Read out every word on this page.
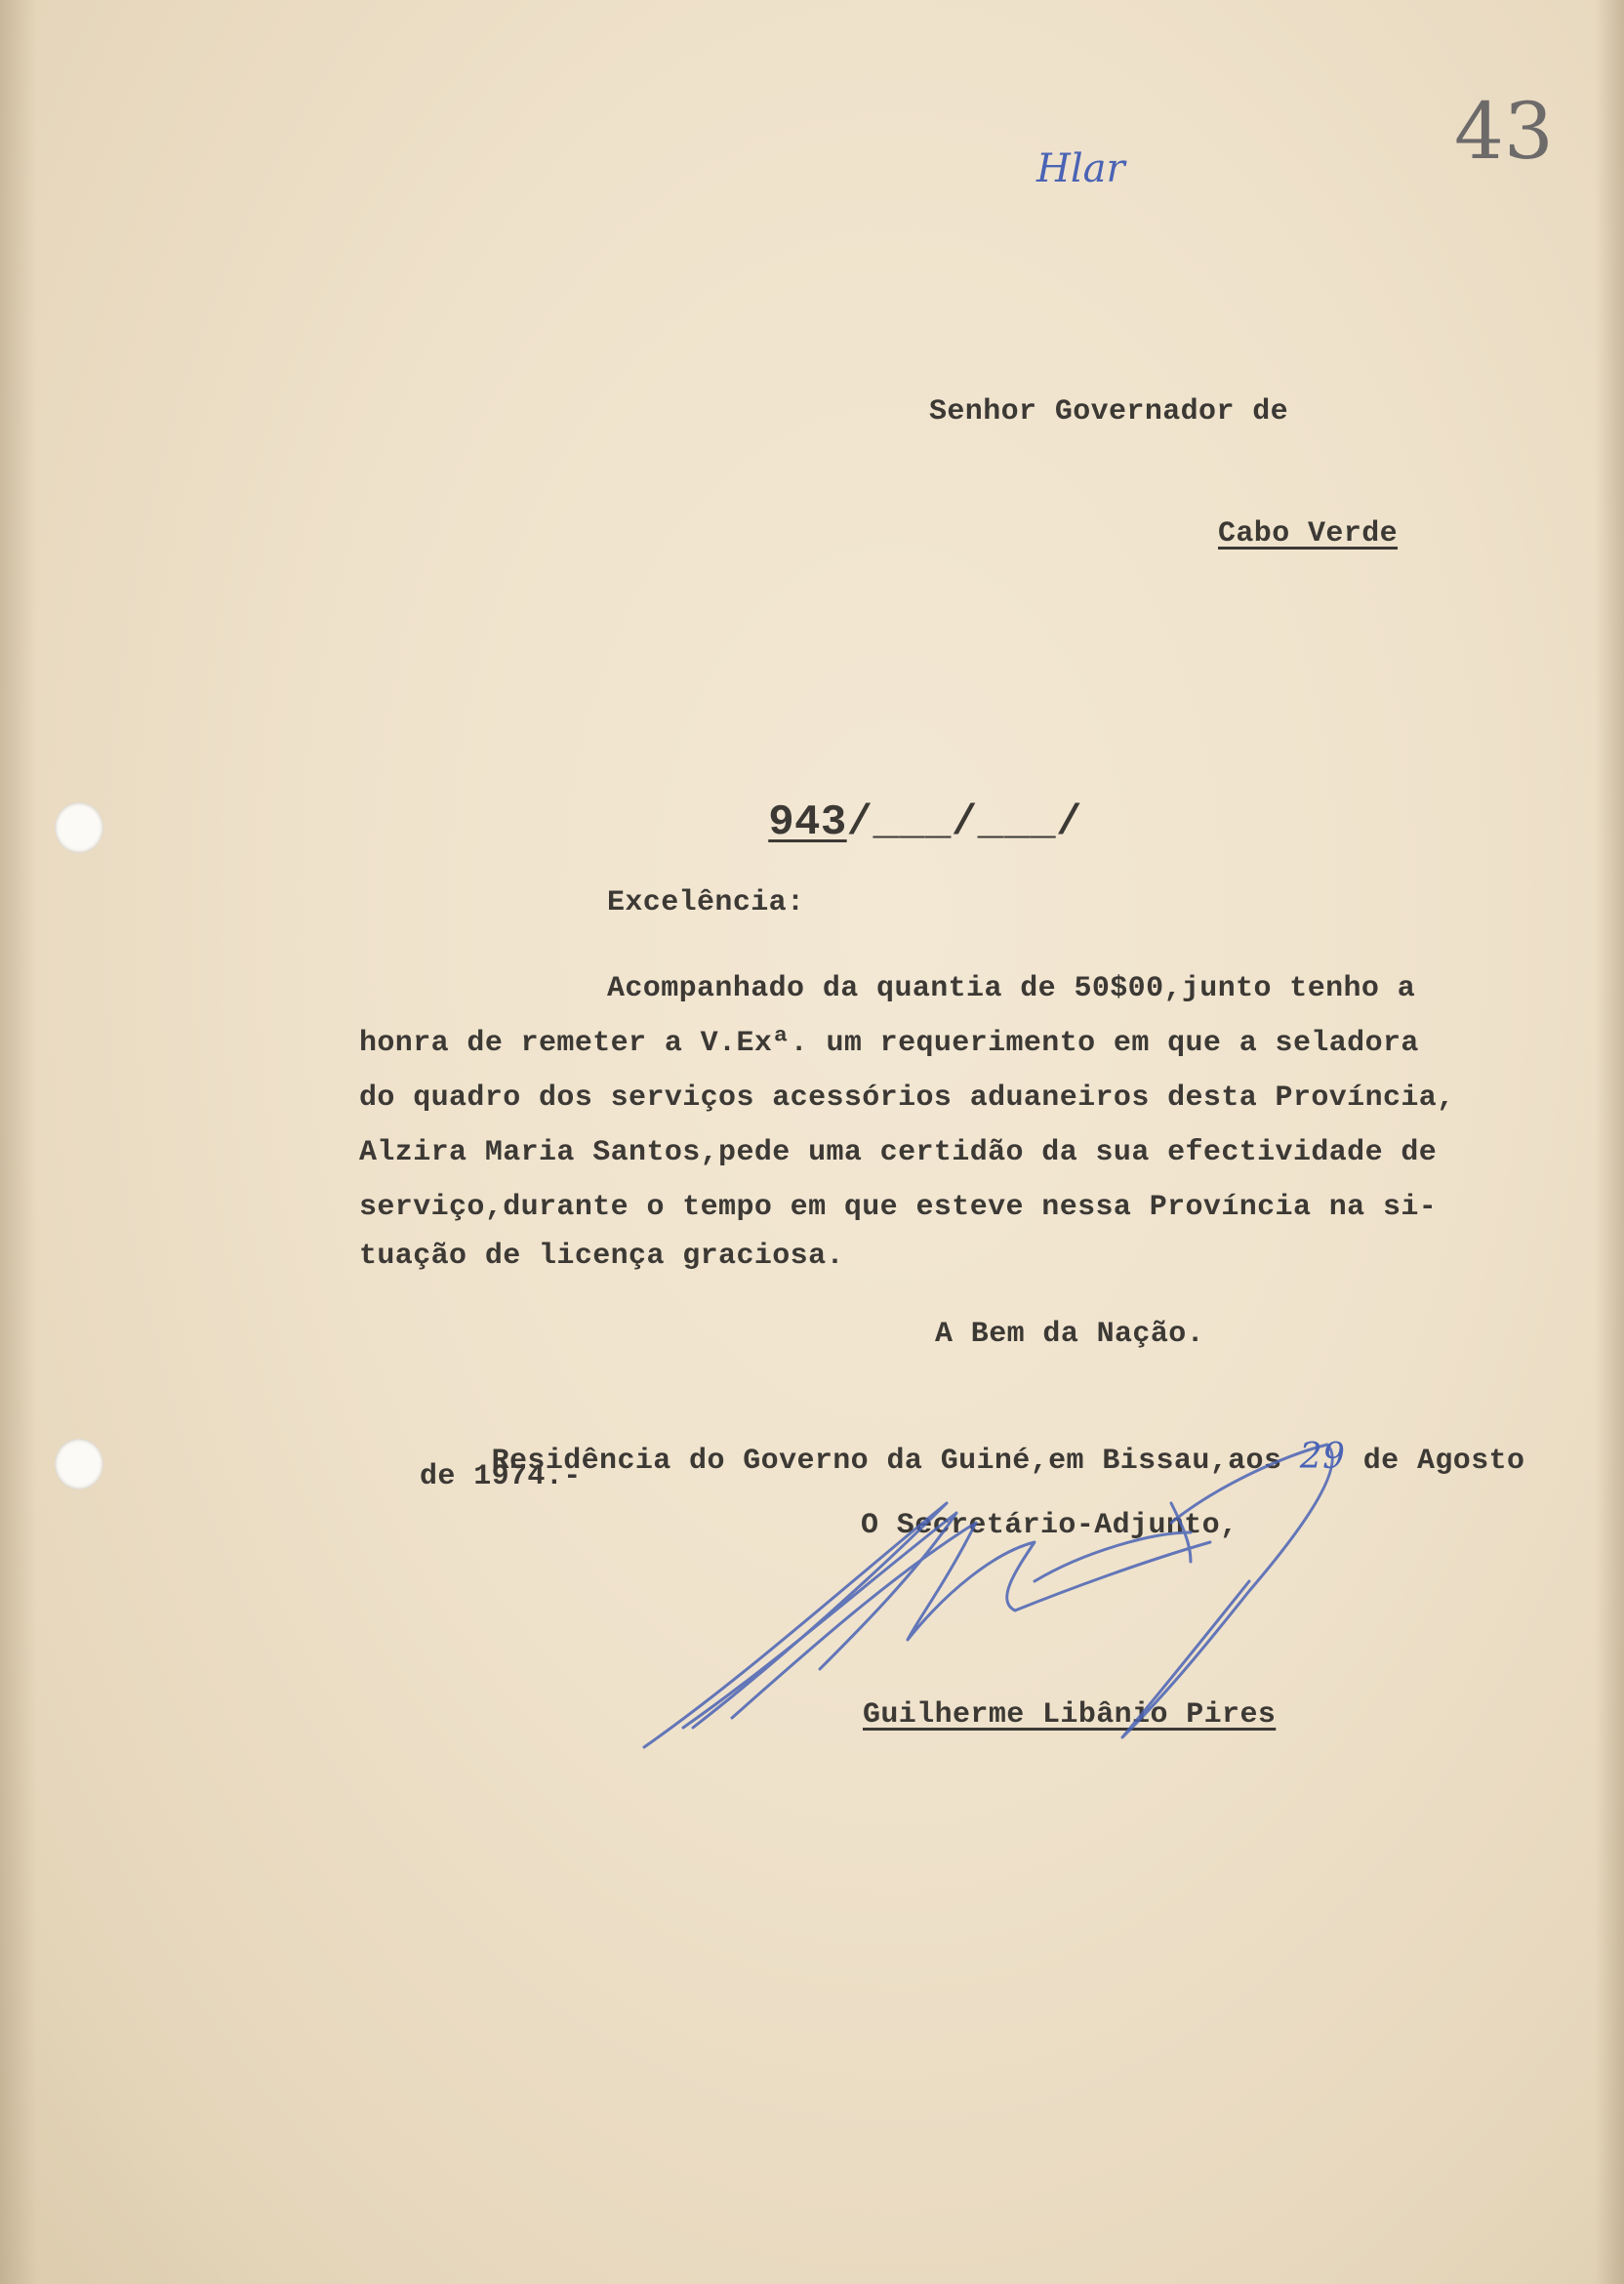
43
Hlar
Senhor Governador de
Cabo Verde

943/___/___/

Excelência:
Acompanhado da quantia de 50$00,junto tenho a
honra de remeter a V.Exª. um requerimento em que a seladora
do quadro dos serviços acessórios aduaneiros desta Província,
Alzira Maria Santos,pede uma certidão da sua efectividade de
serviço,durante o tempo em que esteve nessa Província na si-
tuação de licença graciosa.
A Bem da Nação.

Residência do Governo da Guiné,em Bissau,aos 29 de Agosto

de 1974.-
O Secretário-Adjunto,
Guilherme Libânio Pires
